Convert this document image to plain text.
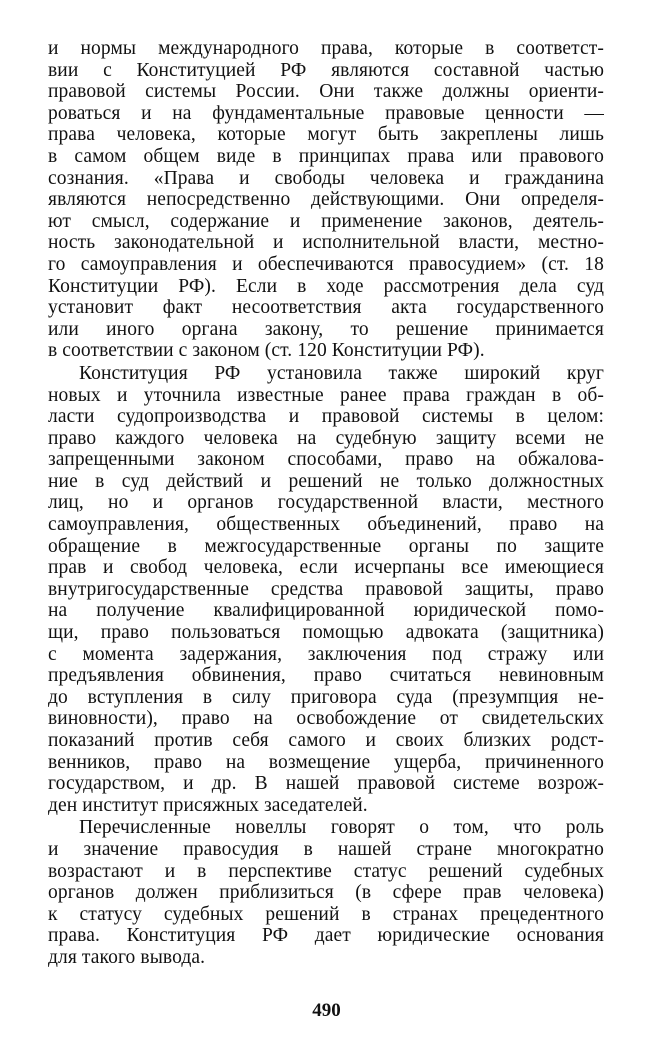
и нормы международного права, которые в соответст-
вии с Конституцией РФ являются составной частью
правовой системы России. Они также должны ориенти-
роваться и на фундаментальные правовые ценности —
права человека, которые могут быть закреплены лишь
в самом общем виде в принципах права или правового
сознания. «Права и свободы человека и гражданина
являются непосредственно действующими. Они определя-
ют смысл, содержание и применение законов, деятель-
ность законодательной и исполнительной власти, местно-
го самоуправления и обеспечиваются правосудием» (ст. 18
Конституции РФ). Если в ходе рассмотрения дела суд
установит факт несоответствия акта государственного
или иного органа закону, то решение принимается
в соответствии с законом (ст. 120 Конституции РФ).
Конституция РФ установила также широкий круг
новых и уточнила известные ранее права граждан в об-
ласти судопроизводства и правовой системы в целом:
право каждого человека на судебную защиту всеми не
запрещенными законом способами, право на обжалова-
ние в суд действий и решений не только должностных
лиц, но и органов государственной власти, местного
самоуправления, общественных объединений, право на
обращение в межгосударственные органы по защите
прав и свобод человека, если исчерпаны все имеющиеся
внутригосударственные средства правовой защиты, право
на получение квалифицированной юридической помо-
щи, право пользоваться помощью адвоката (защитника)
с момента задержания, заключения под стражу или
предъявления обвинения, право считаться невиновным
до вступления в силу приговора суда (презумпция не-
виновности), право на освобождение от свидетельских
показаний против себя самого и своих близких родст-
венников, право на возмещение ущерба, причиненного
государством, и др. В нашей правовой системе возрож-
ден институт присяжных заседателей.
Перечисленные новеллы говорят о том, что роль
и значение правосудия в нашей стране многократно
возрастают и в перспективе статус решений судебных
органов должен приблизиться (в сфере прав человека)
к статусу судебных решений в странах прецедентного
права. Конституция РФ дает юридические основания
для такого вывода.
490
